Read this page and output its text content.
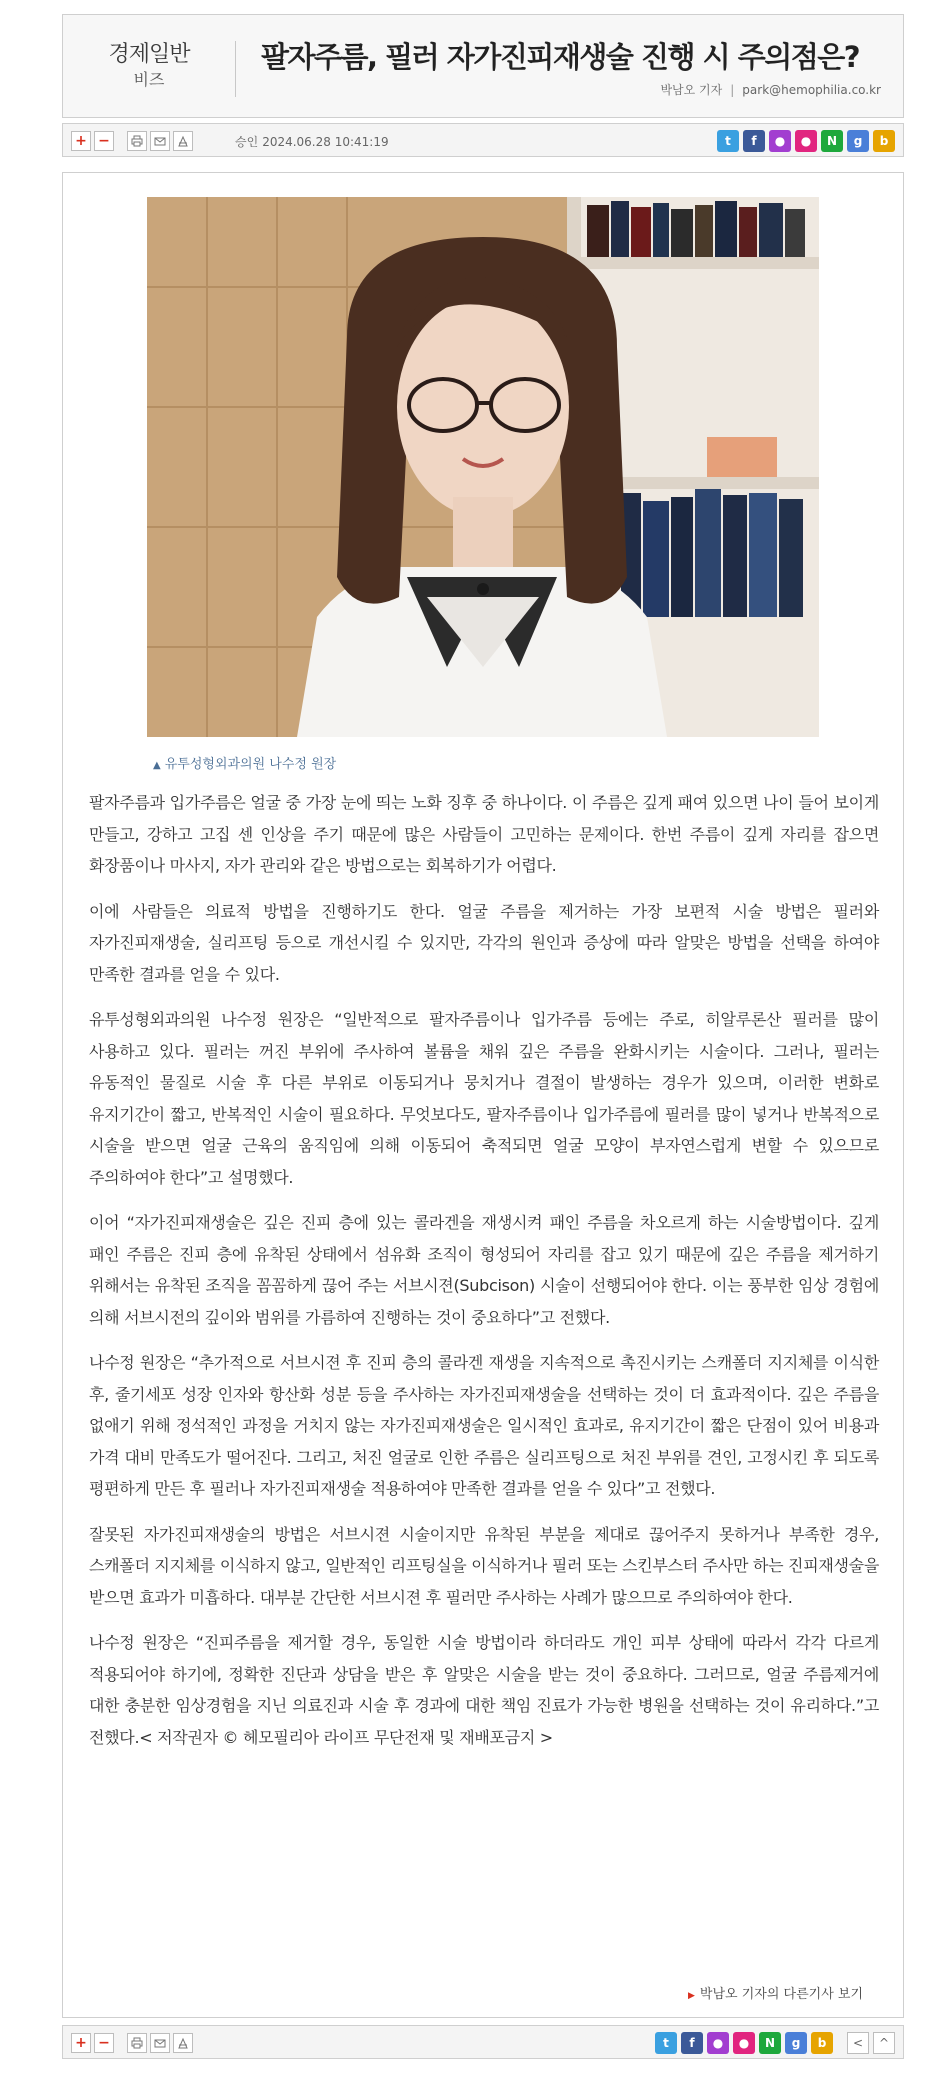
경제일반
비즈
팔자주름, 필러 자가진피재생술 진행 시 주의점은?
박남오 기자 | park@hemophilia.co.kr
+ −	승인 2024.06.28 10:41:19	t	f	●	●	N	g	b
▲ 유투성형외과의원 나수정 원장

팔자주름과 입가주름은 얼굴 중 가장 눈에 띄는 노화 징후 중 하나이다. 이 주름은 깊게 패여 있으면 나이 들어 보이게 만들고, 강하고 고집 센 인상을 주기 때문에 많은 사람들이 고민하는 문제이다. 한번 주름이 깊게 자리를 잡으면 화장품이나 마사지, 자가 관리와 같은 방법으로는 회복하기가 어렵다.

이에 사람들은 의료적 방법을 진행하기도 한다. 얼굴 주름을 제거하는 가장 보편적 시술 방법은 필러와 자가진피재생술, 실리프팅 등으로 개선시킬 수 있지만, 각각의 원인과 증상에 따라 알맞은 방법을 선택을 하여야 만족한 결과를 얻을 수 있다.

유투성형외과의원 나수정 원장은 “일반적으로 팔자주름이나 입가주름 등에는 주로, 히알루론산 필러를 많이 사용하고 있다. 필러는 꺼진 부위에 주사하여 볼륨을 채워 깊은 주름을 완화시키는 시술이다. 그러나, 필러는 유동적인 물질로 시술 후 다른 부위로 이동되거나 뭉치거나 결절이 발생하는 경우가 있으며, 이러한 변화로 유지기간이 짧고, 반복적인 시술이 필요하다. 무엇보다도, 팔자주름이나 입가주름에 필러를 많이 넣거나 반복적으로 시술을 받으면 얼굴 근육의 움직임에 의해 이동되어 축적되면 얼굴 모양이 부자연스럽게 변할 수 있으므로 주의하여야 한다”고 설명했다.

이어 “자가진피재생술은 깊은 진피 층에 있는 콜라겐을 재생시켜 패인 주름을 차오르게 하는 시술방법이다. 깊게 패인 주름은 진피 층에 유착된 상태에서 섬유화 조직이 형성되어 자리를 잡고 있기 때문에 깊은 주름을 제거하기 위해서는 유착된 조직을 꼼꼼하게 끊어 주는 서브시젼(Subcison) 시술이 선행되어야 한다. 이는 풍부한 임상 경험에 의해 서브시전의 깊이와 범위를 가름하여 진행하는 것이 중요하다”고 전했다.

나수정 원장은 “추가적으로 서브시젼 후 진피 층의 콜라겐 재생을 지속적으로 촉진시키는 스캐폴더 지지체를 이식한 후, 줄기세포 성장 인자와 항산화 성분 등을 주사하는 자가진피재생술을 선택하는 것이 더 효과적이다. 깊은 주름을 없애기 위해 정석적인 과정을 거치지 않는 자가진피재생술은 일시적인 효과로, 유지기간이 짧은 단점이 있어 비용과 가격 대비 만족도가 떨어진다. 그리고, 처진 얼굴로 인한 주름은 실리프팅으로 처진 부위를 견인, 고정시킨 후 되도록 평편하게 만든 후 필러나 자가진피재생술 적용하여야 만족한 결과를 얻을 수 있다”고 전했다.

잘못된 자가진피재생술의 방법은 서브시젼 시술이지만 유착된 부분을 제대로 끊어주지 못하거나 부족한 경우, 스캐폴더 지지체를 이식하지 않고, 일반적인 리프팅실을 이식하거나 필러 또는 스킨부스터 주사만 하는 진피재생술을 받으면 효과가 미흡하다. 대부분 간단한 서브시젼 후 필러만 주사하는 사례가 많으므로 주의하여야 한다.

나수정 원장은 “진피주름을 제거할 경우, 동일한 시술 방법이라 하더라도 개인 피부 상태에 따라서 각각 다르게 적용되어야 하기에, 정확한 진단과 상담을 받은 후 알맞은 시술을 받는 것이 중요하다. 그러므로, 얼굴 주름제거에 대한 충분한 임상경험을 지닌 의료진과 시술 후 경과에 대한 책임 진료가 가능한 병원을 선택하는 것이 유리하다.”고 전했다.< 저작권자 © 헤모필리아 라이프 무단전재 및 재배포금지 >

▶ 박남오 기자의 다른기사 보기
+ −	t	f	●	●	N	g	b	<	^
